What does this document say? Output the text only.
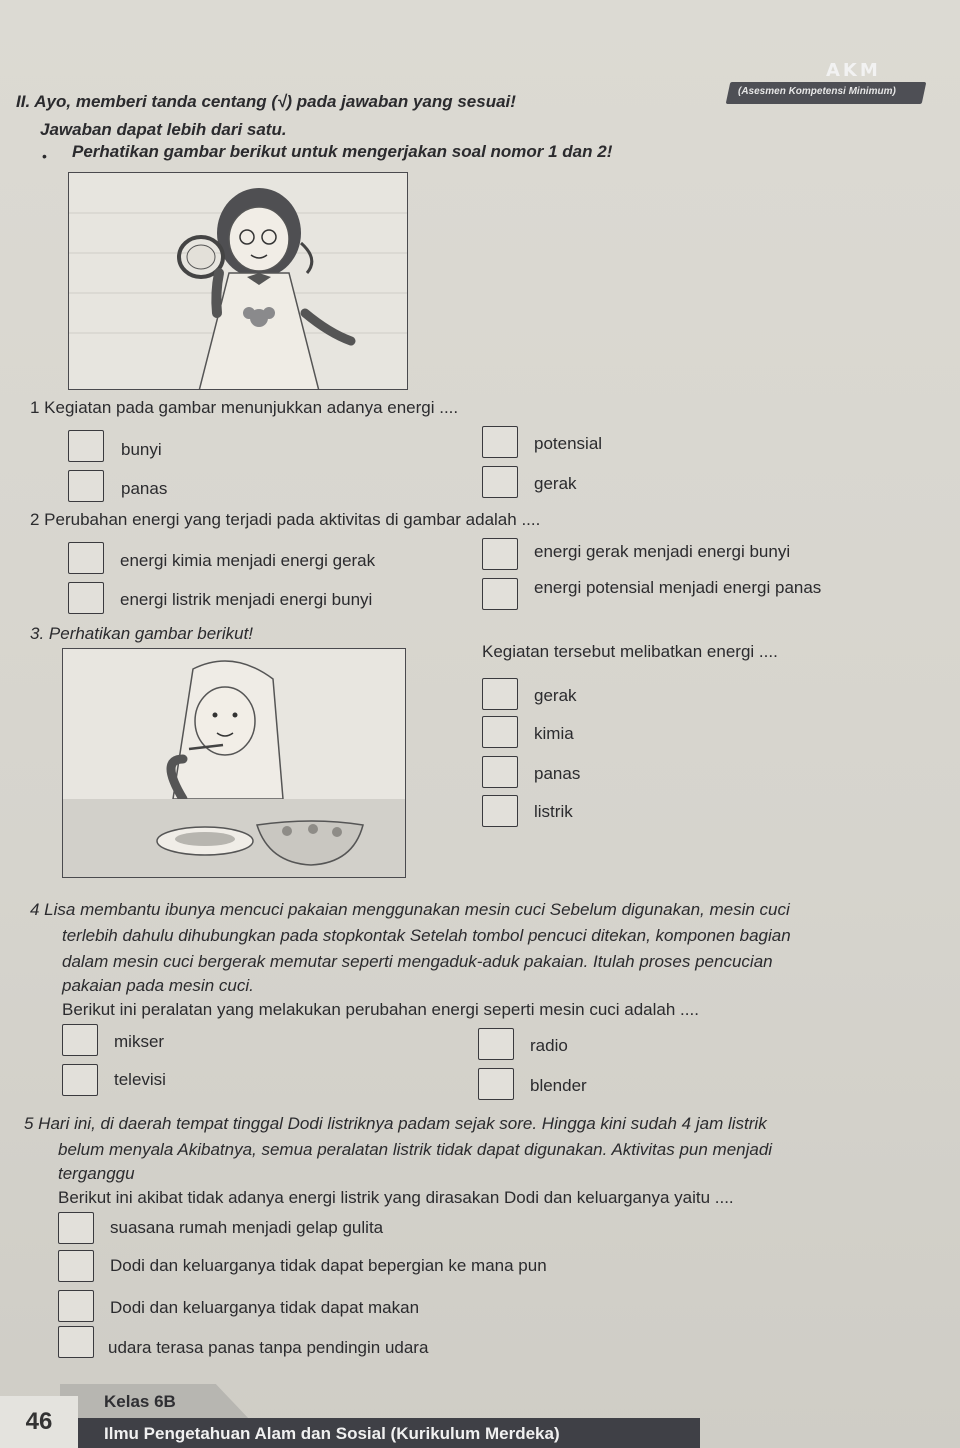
AKM
(Asesmen Kompetensi Minimum)
II. Ayo, memberi tanda centang (√) pada jawaban yang sesuai!
Jawaban dapat lebih dari satu.
• Perhatikan gambar berikut untuk mengerjakan soal nomor 1 dan 2!
1 Kegiatan pada gambar menunjukkan adanya energi ....
bunyi
panas
potensial
gerak
2 Perubahan energi yang terjadi pada aktivitas di gambar adalah ....
energi kimia menjadi energi gerak
energi listrik menjadi energi bunyi
energi gerak menjadi energi bunyi
energi potensial menjadi energi panas
3. Perhatikan gambar berikut!
Kegiatan tersebut melibatkan energi ....
gerak
kimia
panas
listrik
4 Lisa membantu ibunya mencuci pakaian menggunakan mesin cuci Sebelum digunakan, mesin cuci
terlebih dahulu dihubungkan pada stopkontak Setelah tombol pencuci ditekan, komponen bagian
dalam mesin cuci bergerak memutar seperti mengaduk-aduk pakaian. Itulah proses pencucian
pakaian pada mesin cuci.
Berikut ini peralatan yang melakukan perubahan energi seperti mesin cuci adalah ....
mikser
televisi
radio
blender
5 Hari ini, di daerah tempat tinggal Dodi listriknya padam sejak sore. Hingga kini sudah 4 jam listrik
belum menyala Akibatnya, semua peralatan listrik tidak dapat digunakan. Aktivitas pun menjadi
terganggu
Berikut ini akibat tidak adanya energi listrik yang dirasakan Dodi dan keluarganya yaitu ....
suasana rumah menjadi gelap gulita
Dodi dan keluarganya tidak dapat bepergian ke mana pun
Dodi dan keluarganya tidak dapat makan
udara terasa panas tanpa pendingin udara
Kelas 6B
Ilmu Pengetahuan Alam dan Sosial (Kurikulum Merdeka)
46
